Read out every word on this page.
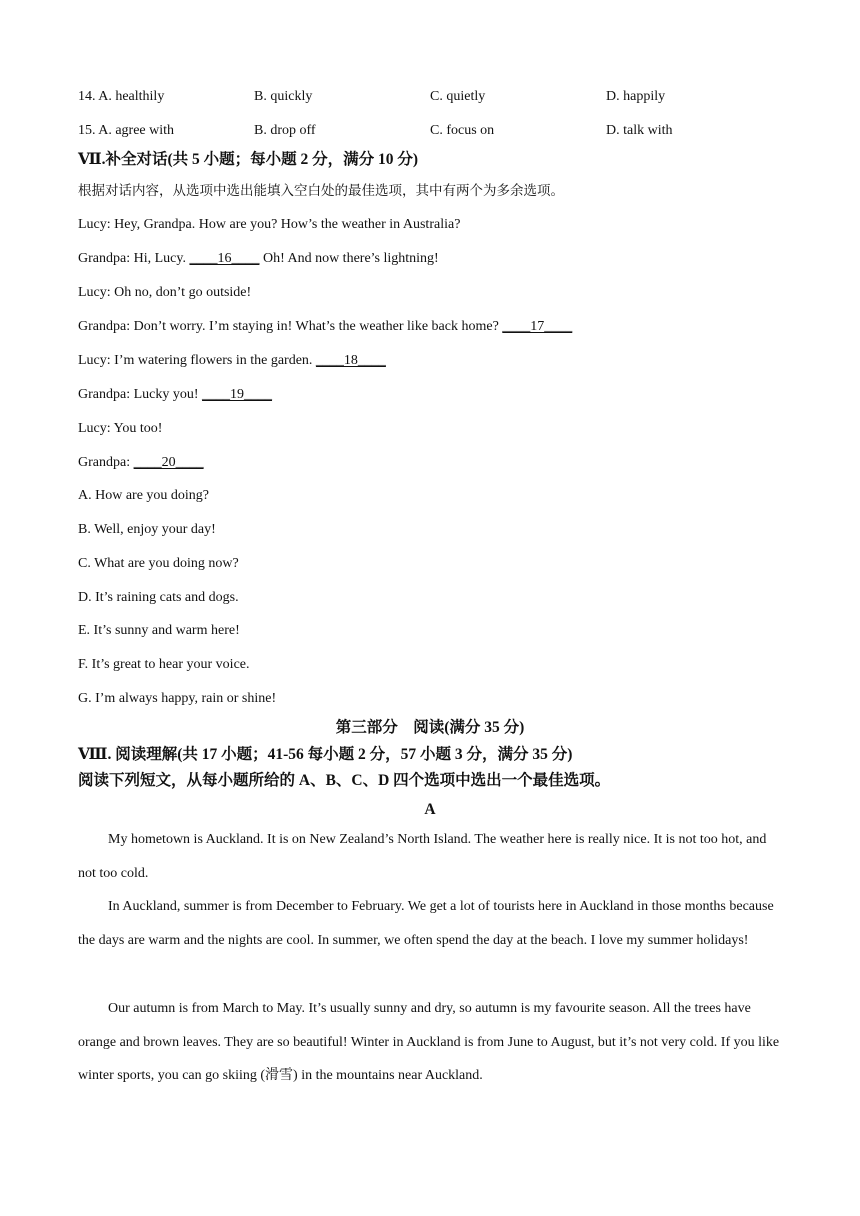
14. A. healthily	B. quickly	C. quietly	D. happily
15. A. agree with	B. drop off	C. focus on	D. talk with
Ⅶ.补全对话(共 5 小题；每小题 2 分，满分 10 分)
根据对话内容，从选项中选出能填入空白处的最佳选项，其中有两个为多余选项。
Lucy: Hey, Grandpa. How are you? How’s the weather in Australia?
Grandpa: Hi, Lucy. ____16____ Oh! And now there’s lightning!
Lucy: Oh no, don’t go outside!
Grandpa: Don’t worry. I’m staying in! What’s the weather like back home? ____17____
Lucy: I’m watering flowers in the garden. ____18____
Grandpa: Lucky you! ____19____
Lucy: You too!
Grandpa: ____20____
A. How are you doing?
B. Well, enjoy your day!
C. What are you doing now?
D. It’s raining cats and dogs.
E. It’s sunny and warm here!
F. It’s great to hear your voice.
G. I’m always happy, rain or shine!
第三部分　阅读(满分 35 分)
Ⅷ. 阅读理解(共 17 小题；41-56 每小题 2 分，57 小题 3 分，满分 35 分)
阅读下列短文，从每小题所给的 A、B、C、D 四个选项中选出一个最佳选项。
A

My hometown is Auckland. It is on New Zealand’s North Island. The weather here is really nice. It is not too hot, and not too cold.

In Auckland, summer is from December to February. We get a lot of tourists here in Auckland in those months because the days are warm and the nights are cool. In summer, we often spend the day at the beach. I love my summer holidays!

Our autumn is from March to May. It’s usually sunny and dry, so autumn is my favourite season. All the trees have orange and brown leaves. They are so beautiful! Winter in Auckland is from June to August, but it’s not very cold. If you like winter sports, you can go skiing (滑雪) in the mountains near Auckland.
